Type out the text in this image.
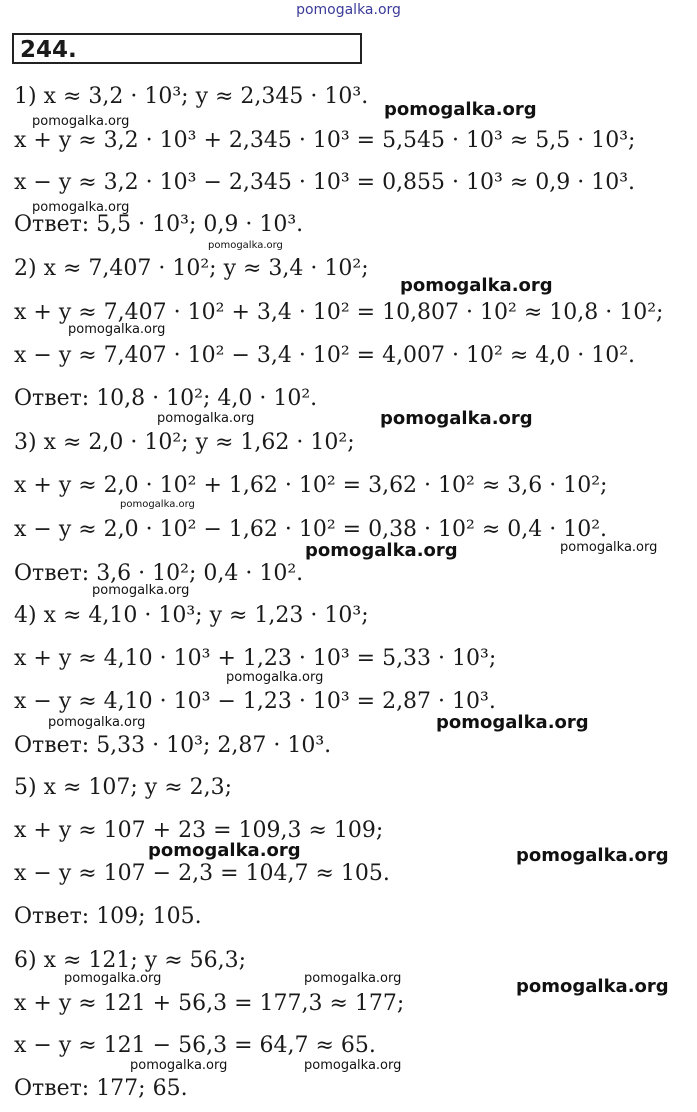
pomogalka.org
244.
1) x ≈ 3,2 · 10³; y ≈ 2,345 · 10³.
x + y ≈ 3,2 · 10³ + 2,345 · 10³ = 5,545 · 10³ ≈ 5,5 · 10³;
x − y ≈ 3,2 · 10³ − 2,345 · 10³ = 0,855 · 10³ ≈ 0,9 · 10³.
Ответ: 5,5 · 10³; 0,9 · 10³.
2) x ≈ 7,407 · 10²; y ≈ 3,4 · 10²;
x + y ≈ 7,407 · 10² + 3,4 · 10² = 10,807 · 10² ≈ 10,8 · 10²;
x − y ≈ 7,407 · 10² − 3,4 · 10² = 4,007 · 10² ≈ 4,0 · 10².
Ответ: 10,8 · 10²; 4,0 · 10².
3) x ≈ 2,0 · 10²; y ≈ 1,62 · 10²;
x + y ≈ 2,0 · 10² + 1,62 · 10² = 3,62 · 10² ≈ 3,6 · 10²;
x − y ≈ 2,0 · 10² − 1,62 · 10² = 0,38 · 10² ≈ 0,4 · 10².
Ответ: 3,6 · 10²; 0,4 · 10².
4) x ≈ 4,10 · 10³; y ≈ 1,23 · 10³;
x + y ≈ 4,10 · 10³ + 1,23 · 10³ = 5,33 · 10³;
x − y ≈ 4,10 · 10³ − 1,23 · 10³ = 2,87 · 10³.
Ответ: 5,33 · 10³; 2,87 · 10³.
5) x ≈ 107; y ≈ 2,3;
x + y ≈ 107 + 23 = 109,3 ≈ 109;
x − y ≈ 107 − 2,3 = 104,7 ≈ 105.
Ответ: 109; 105.
6) x ≈ 121; y ≈ 56,3;
x + y ≈ 121 + 56,3 = 177,3 ≈ 177;
x − y ≈ 121 − 56,3 = 64,7 ≈ 65.
Ответ: 177; 65.
pomogalka.org
pomogalka.org
pomogalka.org
pomogalka.org
pomogalka.org
pomogalka.org
pomogalka.org	pomogalka.org
pomogalka.org
pomogalka.org	pomogalka.org
pomogalka.org
pomogalka.org
pomogalka.org	pomogalka.org
pomogalka.org	pomogalka.org
pomogalka.org	pomogalka.org	pomogalka.org
pomogalka.org	pomogalka.org
